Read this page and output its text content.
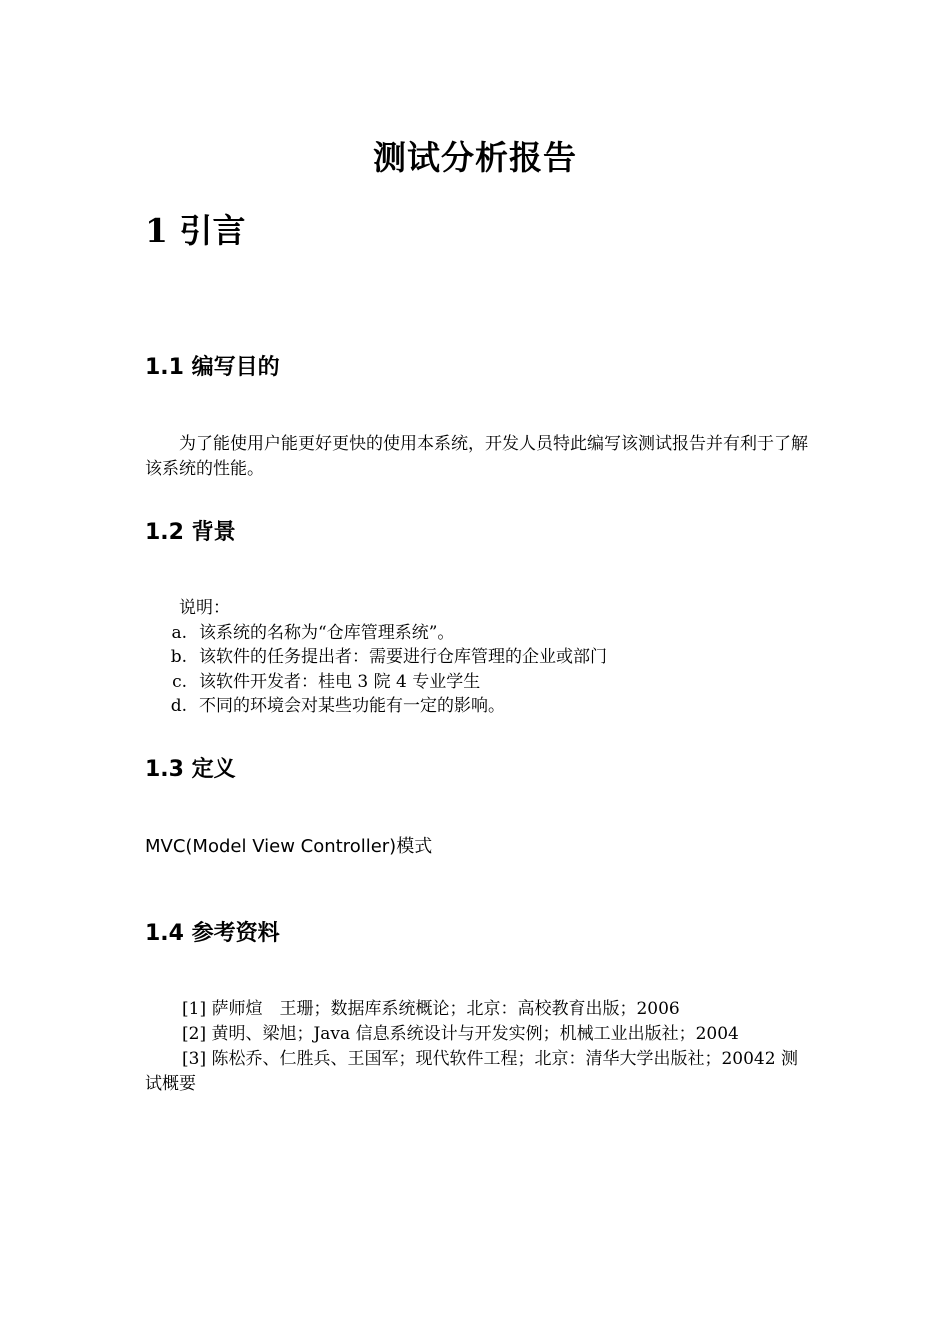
测试分析报告
1 引言
1.1 编写目的
为了能使用户能更好更快的使用本系统，开发人员特此编写该测试报告并有利于了解该系统的性能。
1.2 背景
说明：
a. 该系统的名称为“仓库管理系统”。
b. 该软件的任务提出者：需要进行仓库管理的企业或部门
c. 该软件开发者：桂电 3 院 4 专业学生
d. 不同的环境会对某些功能有一定的影响。
1.3 定义
MVC(Model View Controller)模式
1.4 参考资料
[1] 萨师煊　王珊；数据库系统概论；北京：高校教育出版；2006
[2] 黄明、梁旭；Java 信息系统设计与开发实例；机械工业出版社；2004
[3] 陈松乔、仁胜兵、王国军；现代软件工程；北京：清华大学出版社；20042 测试概要
